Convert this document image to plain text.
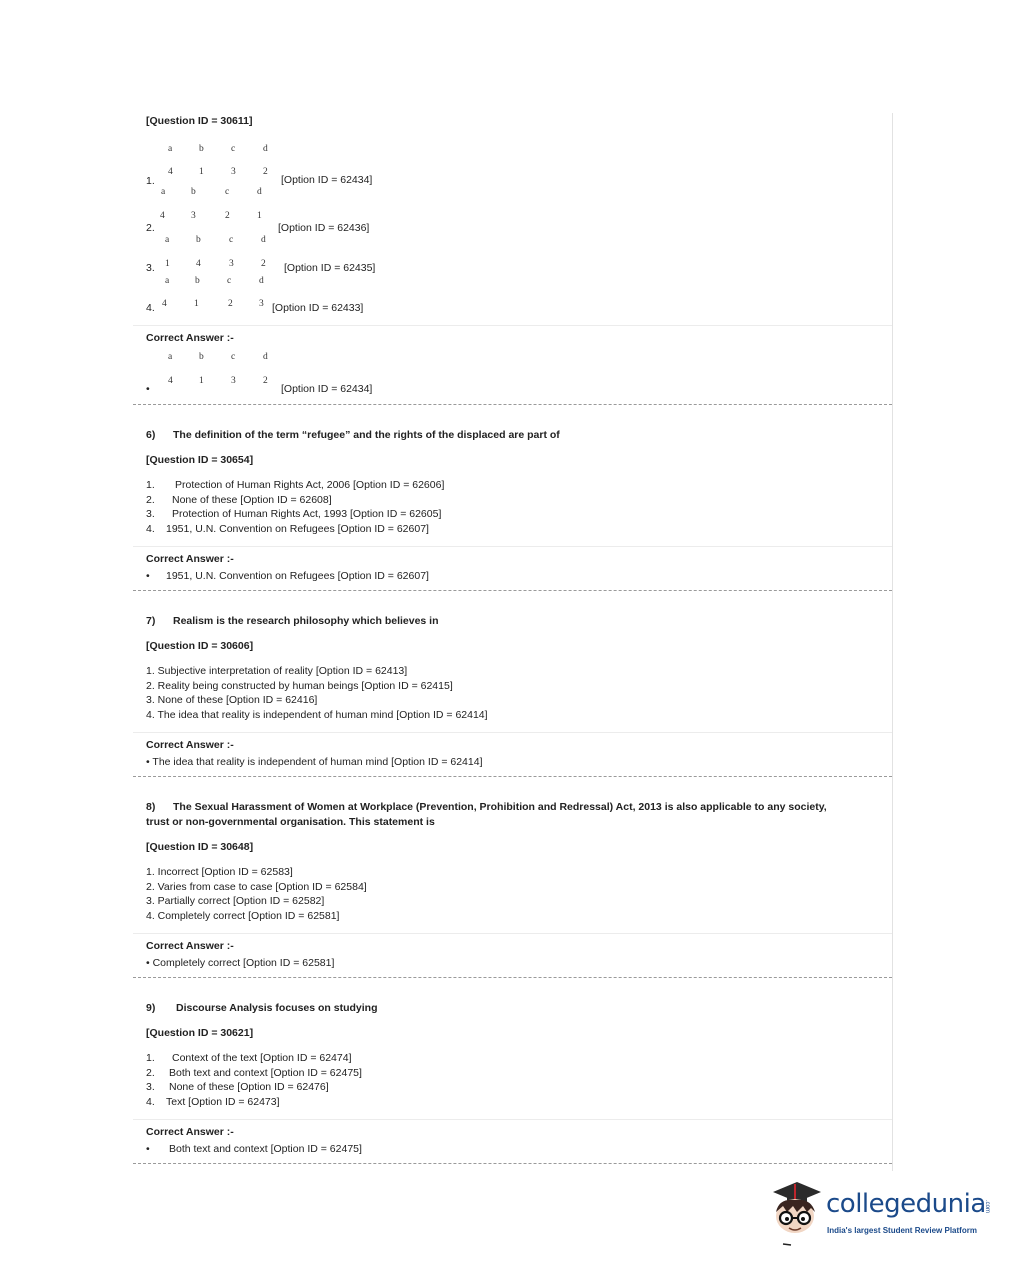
[Question ID = 30611]
a	b	c	d
4	1	3	2
1.	[Option ID = 62434]
a	b	c	d
4	3	2	1
2.	[Option ID = 62436]
a	b	c	d
1	4	3	2
3.	[Option ID = 62435]
a	b	c	d
4	1	2	3
4.	[Option ID = 62433]
Correct Answer :-
a	b	c	d
4	1	3	2
•	[Option ID = 62434]
6) The definition of the term “refugee” and the rights of the displaced are part of
[Question ID = 30654]
1. Protection of Human Rights Act, 2006 [Option ID = 62606]
2. None of these [Option ID = 62608]
3. Protection of Human Rights Act, 1993 [Option ID = 62605]
4. 1951, U.N. Convention on Refugees [Option ID = 62607]
Correct Answer :-
• 1951, U.N. Convention on Refugees [Option ID = 62607]
7) Realism is the research philosophy which believes in
[Question ID = 30606]
1. Subjective interpretation of reality [Option ID = 62413]
2. Reality being constructed by human beings [Option ID = 62415]
3. None of these [Option ID = 62416]
4. The idea that reality is independent of human mind [Option ID = 62414]
Correct Answer :-
• The idea that reality is independent of human mind [Option ID = 62414]
8) The Sexual Harassment of Women at Workplace (Prevention, Prohibition and Redressal) Act, 2013 is also applicable to any society,
trust or non-governmental organisation. This statement is
[Question ID = 30648]
1. Incorrect [Option ID = 62583]
2. Varies from case to case [Option ID = 62584]
3. Partially correct [Option ID = 62582]
4. Completely correct [Option ID = 62581]
Correct Answer :-
• Completely correct [Option ID = 62581]
9) Discourse Analysis focuses on studying
[Question ID = 30621]
1. Context of the text [Option ID = 62474]
2. Both text and context [Option ID = 62475]
3. None of these [Option ID = 62476]
4. Text [Option ID = 62473]
Correct Answer :-
• Both text and context [Option ID = 62475]
collegedunia
.com
India's largest Student Review Platform
